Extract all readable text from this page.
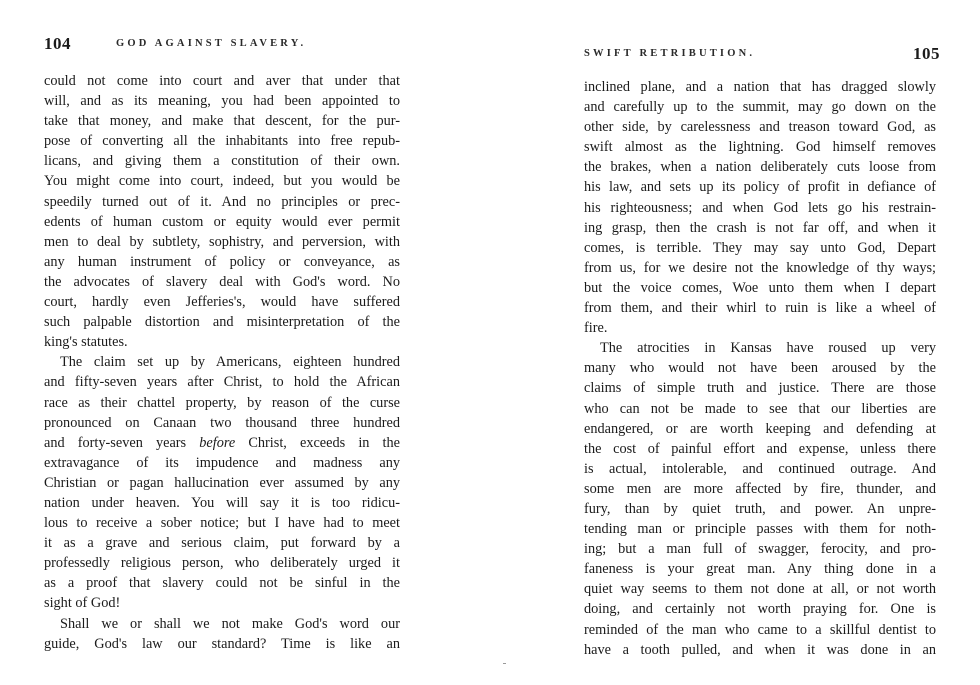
104	GOD AGAINST SLAVERY.
could not come into court and aver that under that
will, and as its meaning, you had been appointed to
take that money, and make that descent, for the pur-
pose of converting all the inhabitants into free repub-
licans, and giving them a constitution of their own.
You might come into court, indeed, but you would be
speedily turned out of it. And no principles or prec-
edents of human custom or equity would ever permit
men to deal by subtlety, sophistry, and perversion, with
any human instrument of policy or conveyance, as
the advocates of slavery deal with God's word. No
court, hardly even Jefferies's, would have suffered
such palpable distortion and misinterpretation of the
king's statutes.
The claim set up by Americans, eighteen hundred
and fifty-seven years after Christ, to hold the African
race as their chattel property, by reason of the curse
pronounced on Canaan two thousand three hundred
and forty-seven years before Christ, exceeds in the
extravagance of its impudence and madness any
Christian or pagan hallucination ever assumed by any
nation under heaven. You will say it is too ridicu-
lous to receive a sober notice; but I have had to meet
it as a grave and serious claim, put forward by a
professedly religious person, who deliberately urged it
as a proof that slavery could not be sinful in the
sight of God!
Shall we or shall we not make God's word our
guide, God's law our standard? Time is like an
SWIFT RETRIBUTION.	105
inclined plane, and a nation that has dragged slowly
and carefully up to the summit, may go down on the
other side, by carelessness and treason toward God, as
swift almost as the lightning. God himself removes
the brakes, when a nation deliberately cuts loose from
his law, and sets up its policy of profit in defiance of
his righteousness; and when God lets go his restrain-
ing grasp, then the crash is not far off, and when it
comes, is terrible. They may say unto God, Depart
from us, for we desire not the knowledge of thy ways;
but the voice comes, Woe unto them when I depart
from them, and their whirl to ruin is like a wheel of
fire.
The atrocities in Kansas have roused up very
many who would not have been aroused by the
claims of simple truth and justice. There are those
who can not be made to see that our liberties are
endangered, or are worth keeping and defending at
the cost of painful effort and expense, unless there
is actual, intolerable, and continued outrage. And
some men are more affected by fire, thunder, and
fury, than by quiet truth, and power. An unpre-
tending man or principle passes with them for noth-
ing; but a man full of swagger, ferocity, and pro-
faneness is your great man. Any thing done in a
quiet way seems to them not done at all, or not worth
doing, and certainly not worth praying for. One is
reminded of the man who came to a skillful dentist to
have a tooth pulled, and when it was done in an
